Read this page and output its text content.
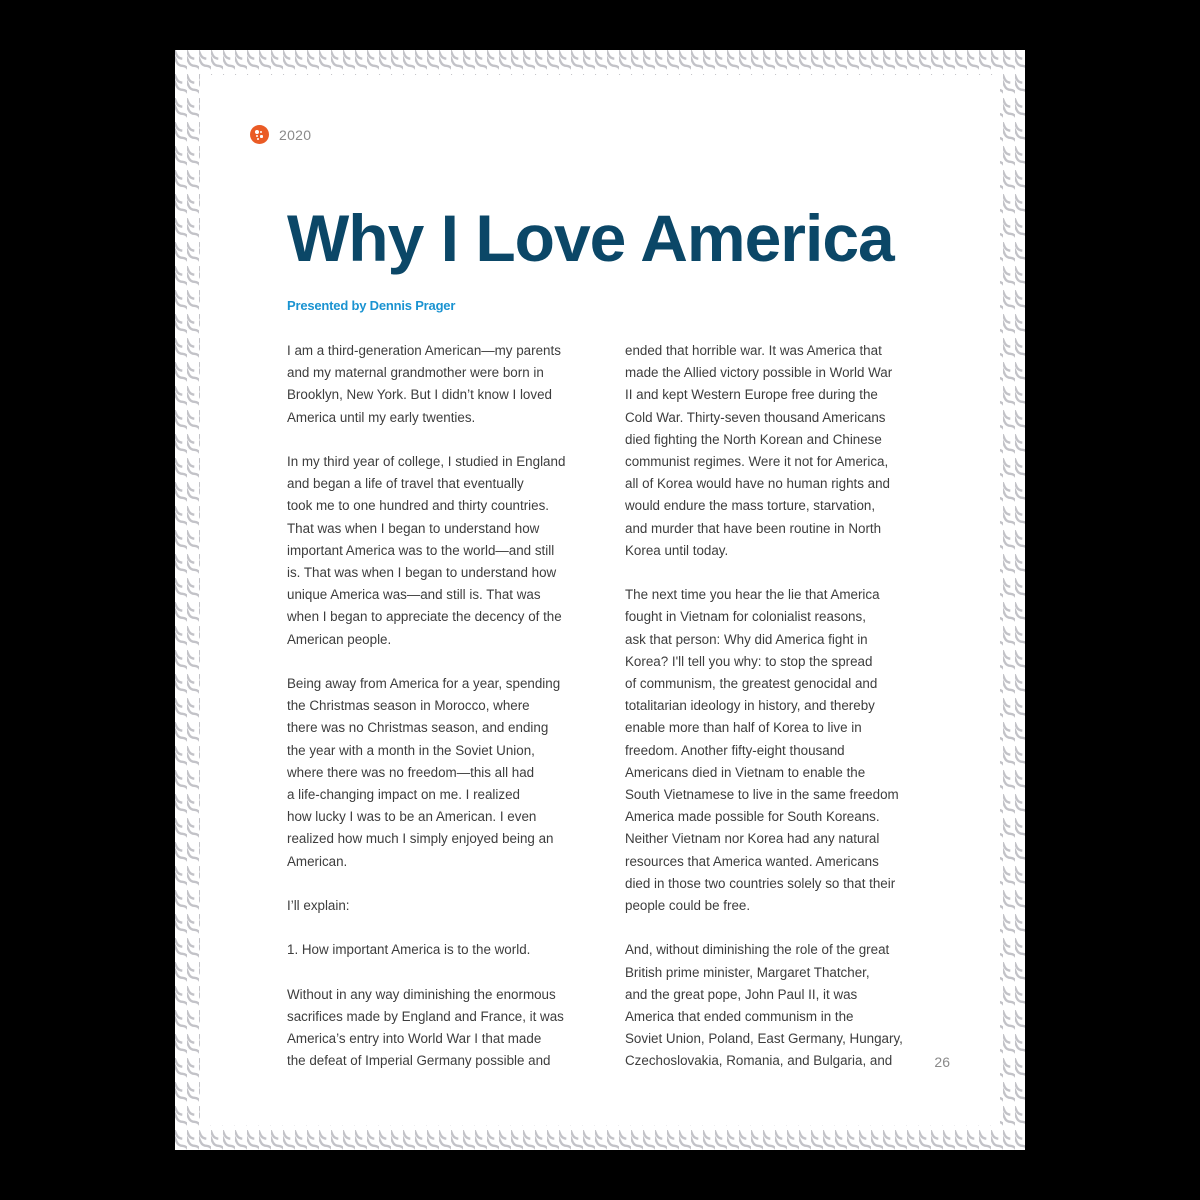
2020
Why I Love America
Presented by Dennis Prager

I am a third-generation American—my parents
and my maternal grandmother were born in
Brooklyn, New York. But I didn’t know I loved
America until my early twenties.

In my third year of college, I studied in England
and began a life of travel that eventually
took me to one hundred and thirty countries.
That was when I began to understand how
important America was to the world—and still
is. That was when I began to understand how
unique America was—and still is. That was
when I began to appreciate the decency of the
American people.

Being away from America for a year, spending
the Christmas season in Morocco, where
there was no Christmas season, and ending
the year with a month in the Soviet Union,
where there was no freedom—this all had
a life-changing impact on me. I realized
how lucky I was to be an American. I even
realized how much I simply enjoyed being an
American.

I’ll explain:

1. How important America is to the world.

Without in any way diminishing the enormous
sacrifices made by England and France, it was
America’s entry into World War I that made
the defeat of Imperial Germany possible and

ended that horrible war. It was America that
made the Allied victory possible in World War
II and kept Western Europe free during the
Cold War. Thirty-seven thousand Americans
died fighting the North Korean and Chinese
communist regimes. Were it not for America,
all of Korea would have no human rights and
would endure the mass torture, starvation,
and murder that have been routine in North
Korea until today.

The next time you hear the lie that America
fought in Vietnam for colonialist reasons,
ask that person: Why did America fight in
Korea? I'll tell you why: to stop the spread
of communism, the greatest genocidal and
totalitarian ideology in history, and thereby
enable more than half of Korea to live in
freedom. Another fifty-eight thousand
Americans died in Vietnam to enable the
South Vietnamese to live in the same freedom
America made possible for South Koreans.
Neither Vietnam nor Korea had any natural
resources that America wanted. Americans
died in those two countries solely so that their
people could be free.

And, without diminishing the role of the great
British prime minister, Margaret Thatcher,
and the great pope, John Paul II, it was
America that ended communism in the
Soviet Union, Poland, East Germany, Hungary,
Czechoslovakia, Romania, and Bulgaria, and	26
